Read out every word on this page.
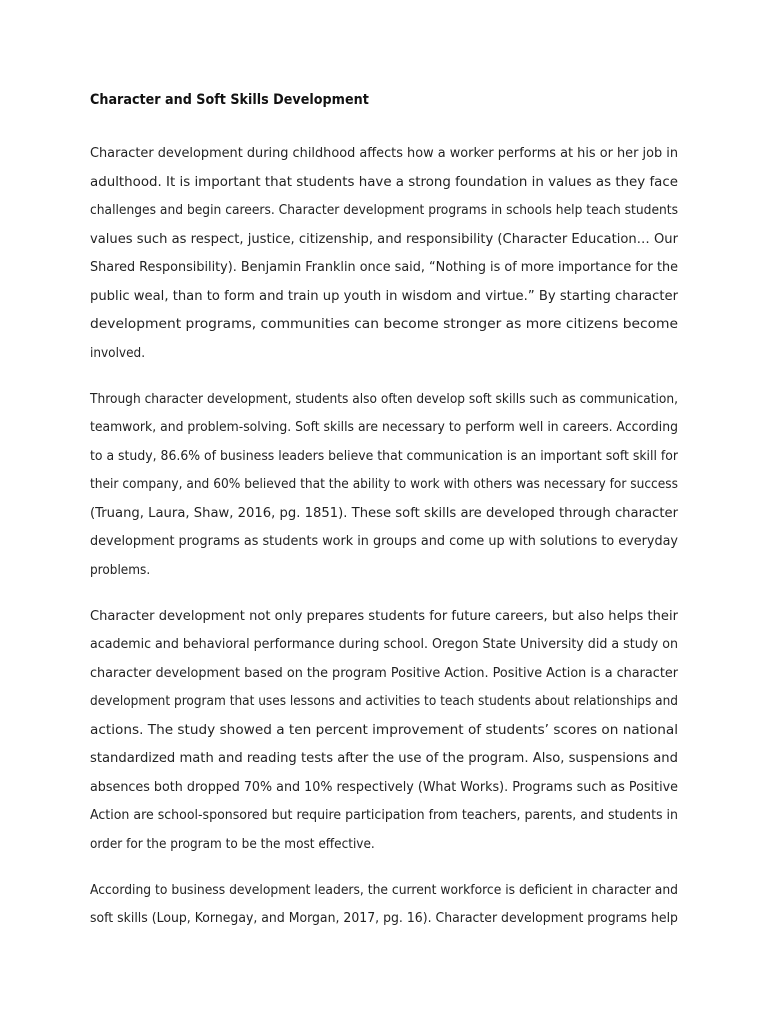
Character and Soft Skills Development
Character development during childhood affects how a worker performs at his or her job in
adulthood. It is important that students have a strong foundation in values as they face
challenges and begin careers. Character development programs in schools help teach students
values such as respect, justice, citizenship, and responsibility (Character Education… Our
Shared Responsibility). Benjamin Franklin once said, “Nothing is of more importance for the
public weal, than to form and train up youth in wisdom and virtue.” By starting character
development programs, communities can become stronger as more citizens become
involved.
Through character development, students also often develop soft skills such as communication,
teamwork, and problem-solving. Soft skills are necessary to perform well in careers. According
to a study, 86.6% of business leaders believe that communication is an important soft skill for
their company, and 60% believed that the ability to work with others was necessary for success
(Truang, Laura, Shaw, 2016, pg. 1851). These soft skills are developed through character
development programs as students work in groups and come up with solutions to everyday
problems.
Character development not only prepares students for future careers, but also helps their
academic and behavioral performance during school. Oregon State University did a study on
character development based on the program Positive Action. Positive Action is a character
development program that uses lessons and activities to teach students about relationships and
actions. The study showed a ten percent improvement of students’ scores on national
standardized math and reading tests after the use of the program. Also, suspensions and
absences both dropped 70% and 10% respectively (What Works). Programs such as Positive
Action are school-sponsored but require participation from teachers, parents, and students in
order for the program to be the most effective.
According to business development leaders, the current workforce is deficient in character and
soft skills (Loup, Kornegay, and Morgan, 2017, pg. 16). Character development programs help
